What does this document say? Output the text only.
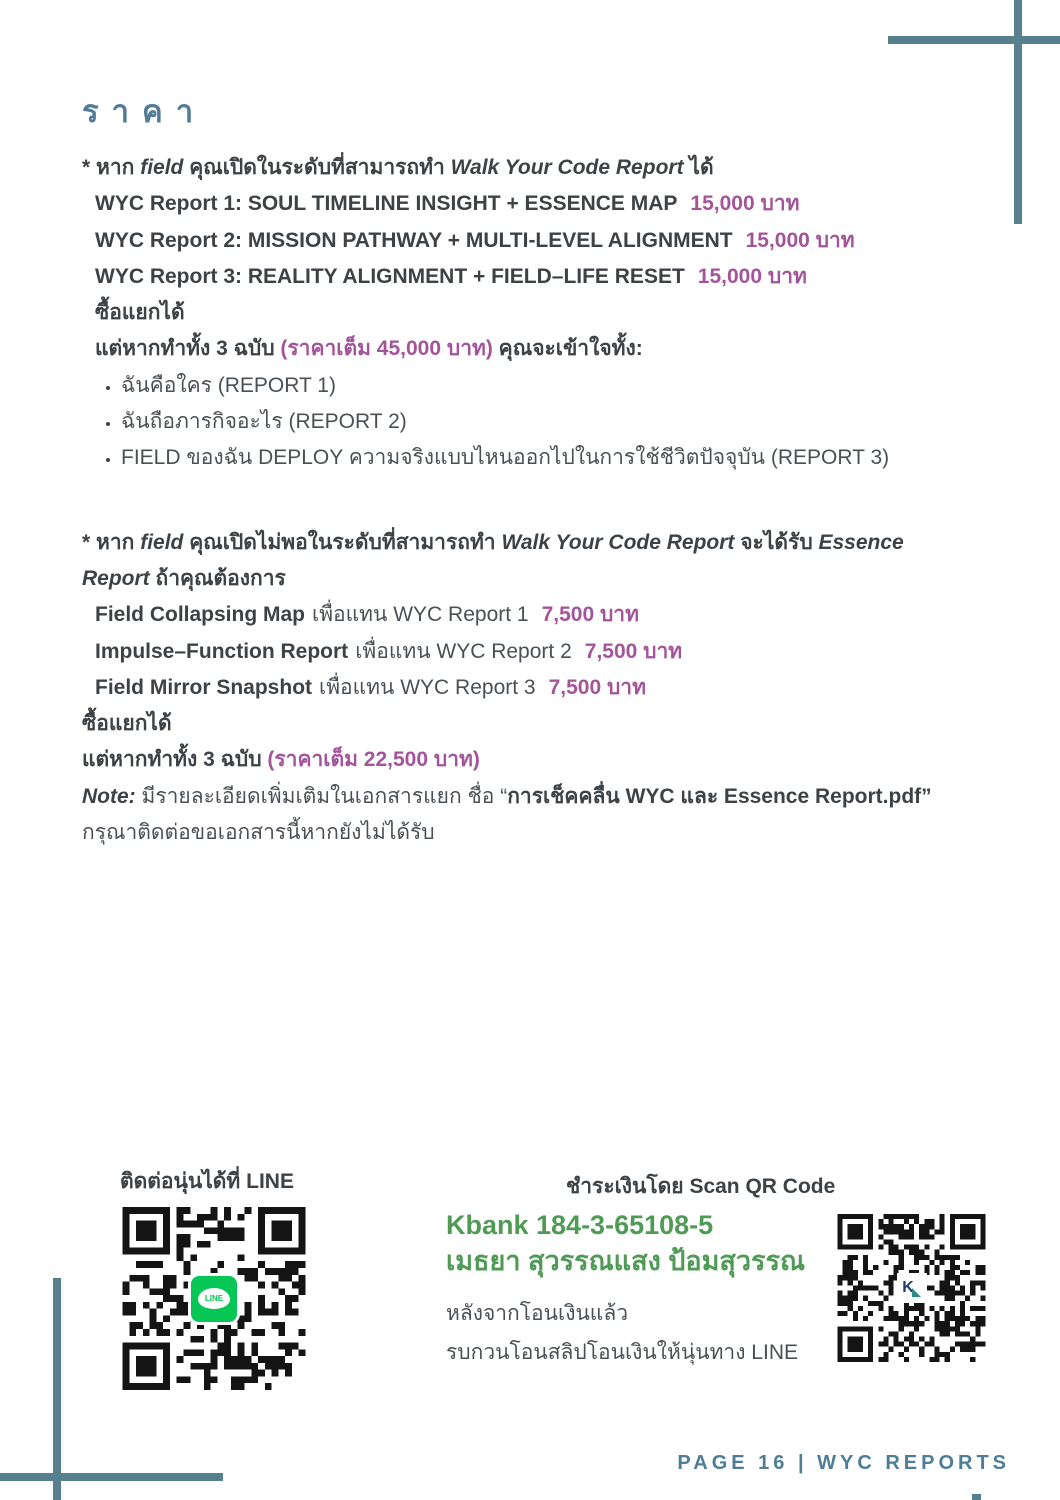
ราคา

* หาก field คุณเปิดในระดับที่สามารถทำ Walk Your Code Report ได้

WYC Report 1: SOUL TIMELINE INSIGHT + ESSENCE MAP 15,000 บาท

WYC Report 2: MISSION PATHWAY + MULTI-LEVEL ALIGNMENT 15,000 บาท

WYC Report 3: REALITY ALIGNMENT + FIELD–LIFE RESET 15,000 บาท

ซื้อแยกได้

แต่หากทำทั้ง 3 ฉบับ (ราคาเต็ม 45,000 บาท) คุณจะเข้าใจทั้ง:

• ฉันคือใคร (REPORT 1)
• ฉันถือภารกิจอะไร (REPORT 2)
• FIELD ของฉัน DEPLOY ความจริงแบบไหนออกไปในการใช้ชีวิตปัจจุบัน (REPORT 3)

* หาก field คุณเปิดไม่พอในระดับที่สามารถทำ Walk Your Code Report จะได้รับ Essence Report ถ้าคุณต้องการ

Field Collapsing Map เพื่อแทน WYC Report 1 7,500 บาท

Impulse–Function Report เพื่อแทน WYC Report 2 7,500 บาท

Field Mirror Snapshot เพื่อแทน WYC Report 3 7,500 บาท

ซื้อแยกได้

แต่หากทำทั้ง 3 ฉบับ (ราคาเต็ม 22,500 บาท)

Note: มีรายละเอียดเพิ่มเติมในเอกสารแยก ชื่อ “การเช็คคลื่น WYC และ Essence Report.pdf”

กรุณาติดต่อขอเอกสารนี้หากยังไม่ได้รับ

ติดต่อนุ่นได้ที่ LINE
LINE
ชำระเงินโดย Scan QR Code

Kbank 184-3-65108-5

เมธยา สุวรรณแสง ป้อมสุวรรณ

หลังจากโอนเงินแล้ว
รบกวนโอนสลิปโอนเงินให้นุ่นทาง LINE
K
PAGE 16 | WYC REPORTS
